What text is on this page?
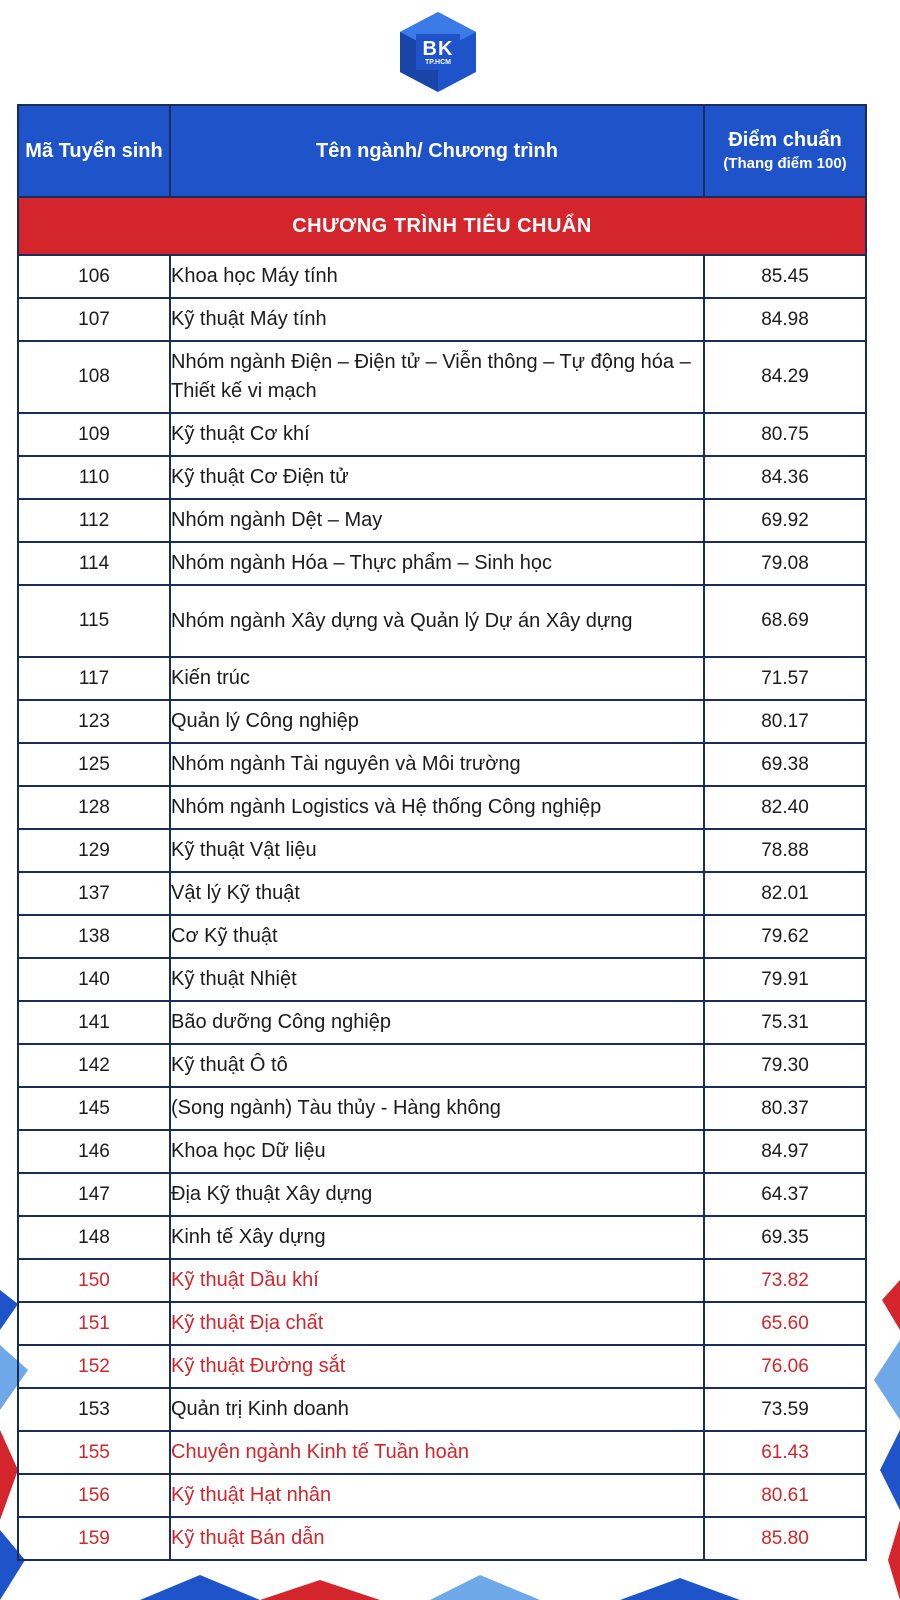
BK
TP.HCM
Mã Tuyển sinh	Tên ngành/ Chương trình	Điểm chuẩn
(Thang điểm 100)

CHƯƠNG TRÌNH TIÊU CHUẨN		
106	Khoa học Máy tính	85.45
107	Kỹ thuật Máy tính	84.98
108	Nhóm ngành Điện – Điện tử – Viễn thông – Tự động hóa – Thiết kế vi mạch	84.29
109	Kỹ thuật Cơ khí	80.75
110	Kỹ thuật Cơ Điện tử	84.36
112	Nhóm ngành Dệt – May	69.92
114	Nhóm ngành Hóa – Thực phẩm – Sinh học	79.08
115	Nhóm ngành Xây dựng và Quản lý Dự án Xây dựng	68.69
117	Kiến trúc	71.57
123	Quản lý Công nghiệp	80.17
125	Nhóm ngành Tài nguyên và Môi trường	69.38
128	Nhóm ngành Logistics và Hệ thống Công nghiệp	82.40
129	Kỹ thuật Vật liệu	78.88
137	Vật lý Kỹ thuật	82.01
138	Cơ Kỹ thuật	79.62
140	Kỹ thuật Nhiệt	79.91
141	Bão dưỡng Công nghiệp	75.31
142	Kỹ thuật Ô tô	79.30
145	(Song ngành) Tàu thủy - Hàng không	80.37
146	Khoa học Dữ liệu	84.97
147	Địa Kỹ thuật Xây dựng	64.37
148	Kinh tế Xây dựng	69.35
150	Kỹ thuật Dầu khí	73.82
151	Kỹ thuật Địa chất	65.60
152	Kỹ thuật Đường sắt	76.06
153	Quản trị Kinh doanh	73.59
155	Chuyên ngành Kinh tế Tuần hoàn	61.43
156	Kỹ thuật Hạt nhân	80.61
159	Kỹ thuật Bán dẫn	85.80
